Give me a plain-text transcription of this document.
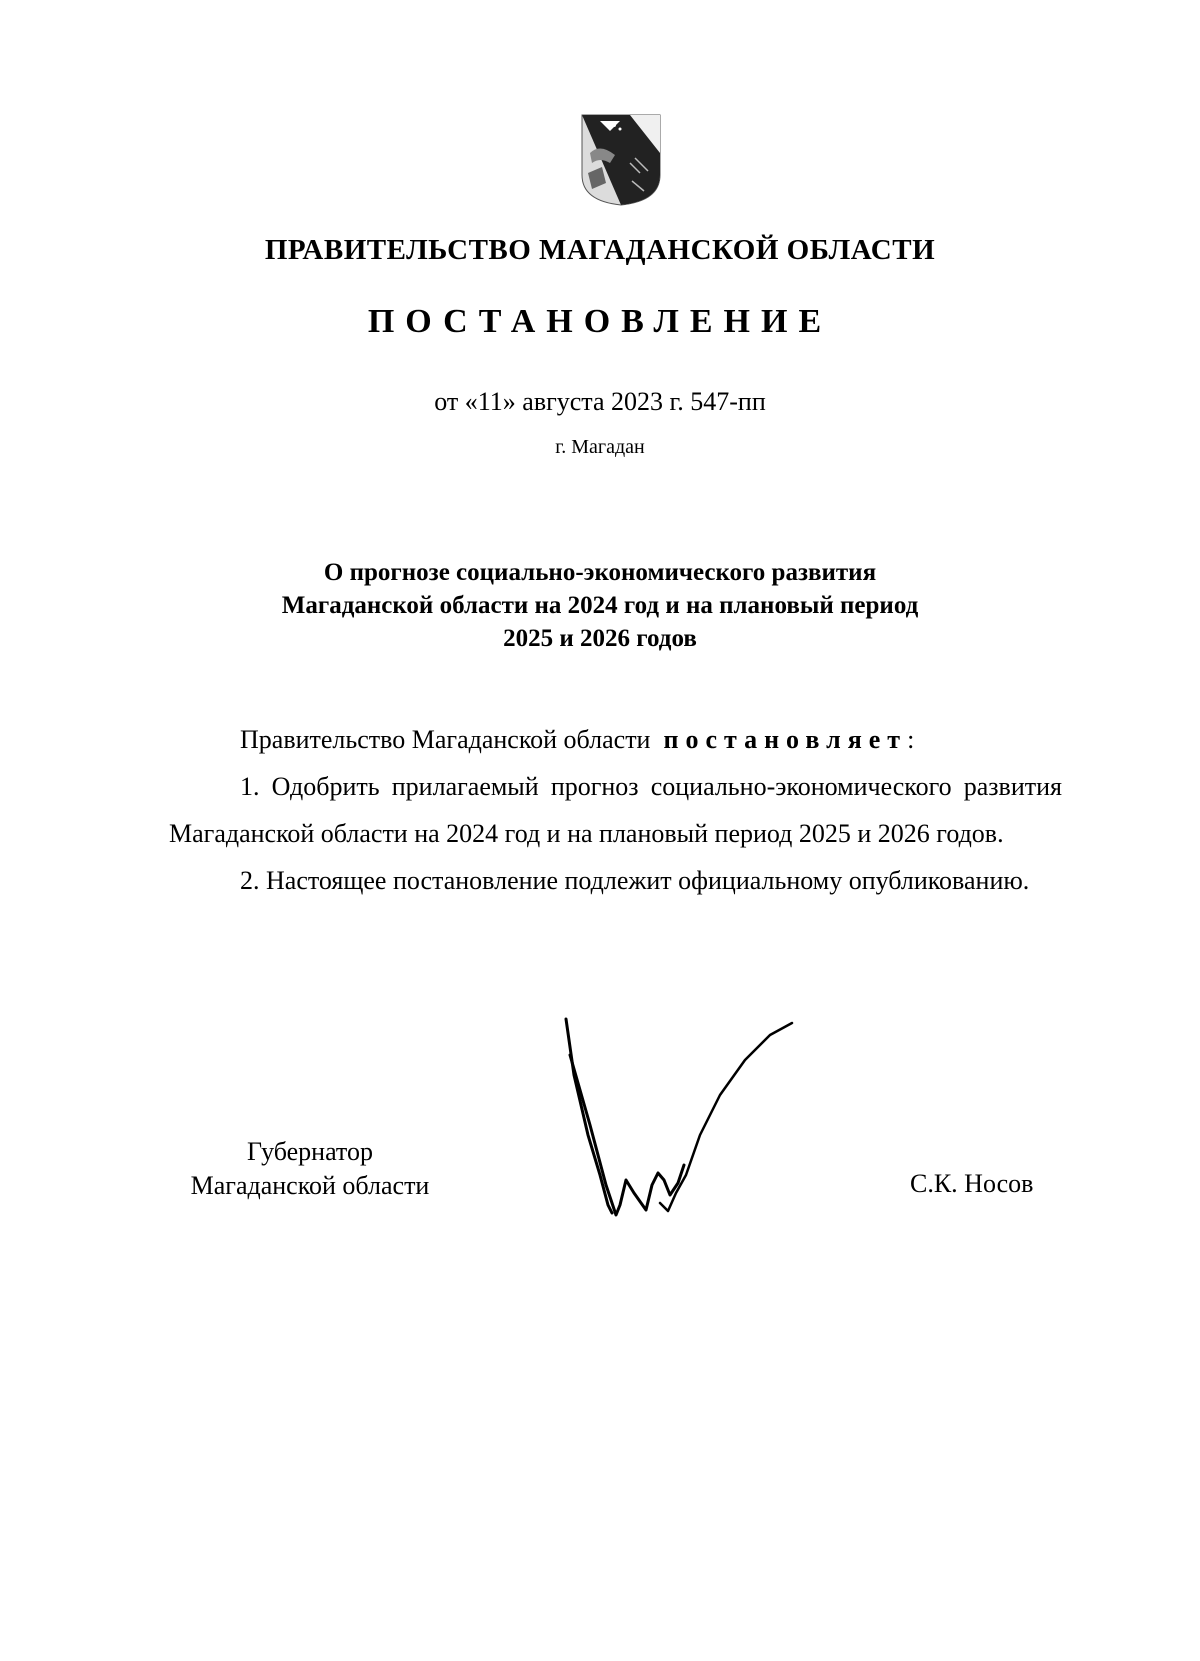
ПРАВИТЕЛЬСТВО МАГАДАНСКОЙ ОБЛАСТИ
ПОСТАНОВЛЕНИЕ
от «11» августа 2023 г. 547-пп
г. Магадан
О прогнозе социально-экономического развития
Магаданской области на 2024 год и на плановый период
2025 и 2026 годов

Правительство Магаданской области постановляет:

1. Одобрить прилагаемый прогноз социально-экономического развития Магаданской области на 2024 год и на плановый период 2025 и 2026 годов.

2. Настоящее постановление подлежит официальному опубликованию.

Губернатор
Магаданской области	С.К. Носов
